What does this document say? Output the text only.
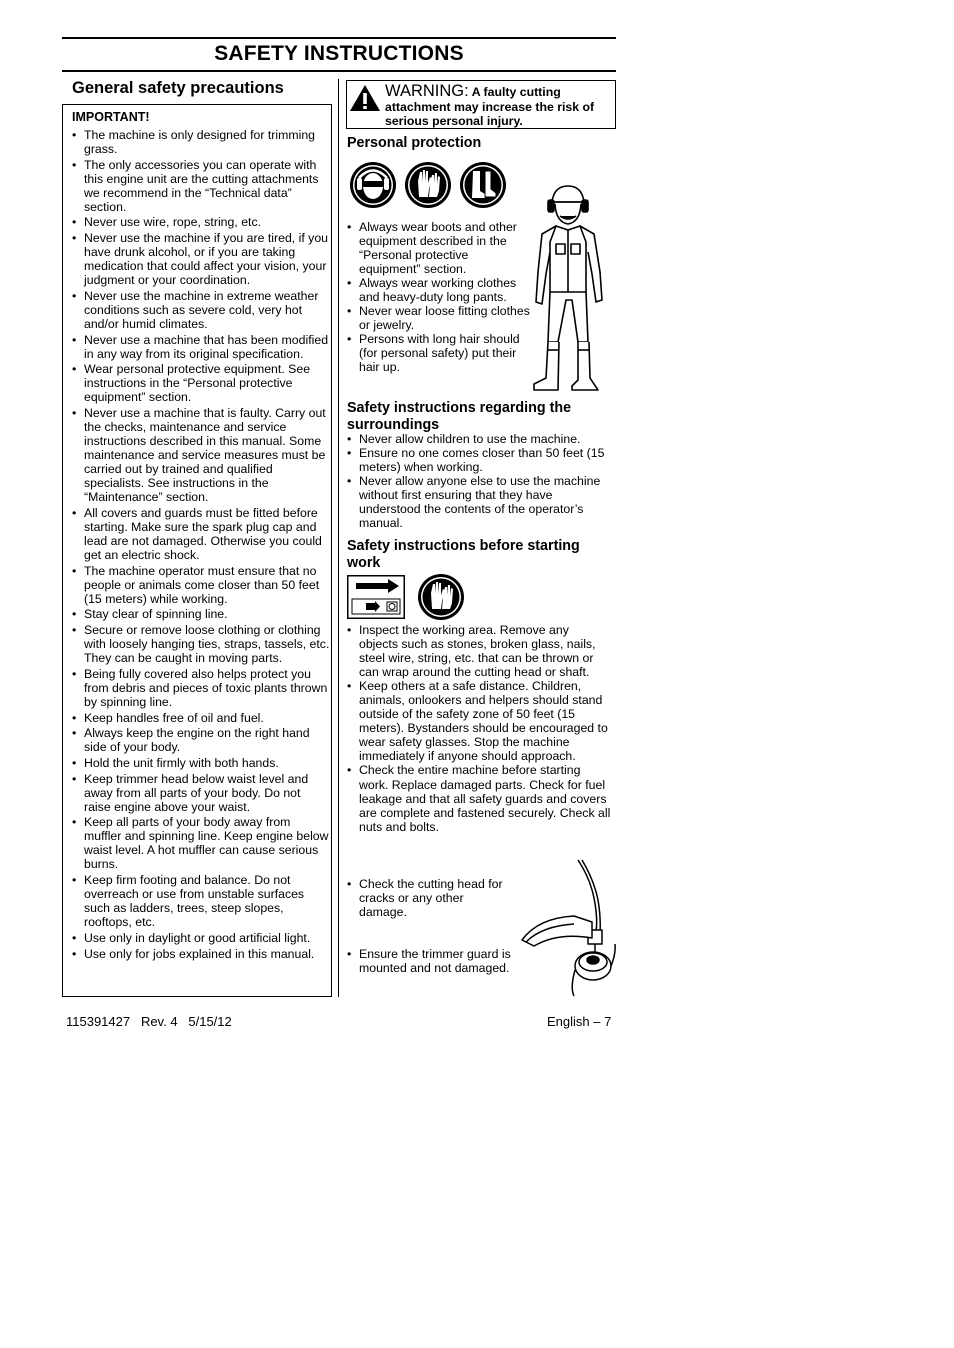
SAFETY INSTRUCTIONS
General safety precautions
IMPORTANT!
• The machine is only designed for trimming grass.
• The only accessories you can operate with this engine unit are the cutting attachments we recommend in the “Technical data” section.
• Never use wire, rope, string, etc.
• Never use the machine if you are tired, if you have drunk alcohol, or if you are taking medication that could affect your vision, your judgment or your coordination.
• Never use the machine in extreme weather conditions such as severe cold, very hot and/or humid climates.
• Never use a machine that has been modified in any way from its original specification.
• Wear personal protective equipment. See instructions in the “Personal protective equipment” section.
• Never use a machine that is faulty. Carry out the checks, maintenance and service instructions described in this manual. Some maintenance and service measures must be carried out by trained and qualified specialists. See instructions in the “Maintenance” section.
• All covers and guards must be fitted before starting. Make sure the spark plug cap and lead are not damaged. Otherwise you could get an electric shock.
• The machine operator must ensure that no people or animals come closer than 50 feet (15 meters) while working.
• Stay clear of spinning line.
• Secure or remove loose clothing or clothing with loosely hanging ties, straps, tassels, etc. They can be caught in moving parts.
• Being fully covered also helps protect you from debris and pieces of toxic plants thrown by spinning line.
• Keep handles free of oil and fuel.
• Always keep the engine on the right hand side of your body.
• Hold the unit firmly with both hands.
• Keep trimmer head below waist level and away from all parts of your body. Do not raise engine above your waist.
• Keep all parts of your body away from muffler and spinning line. Keep engine below waist level. A hot muffler can cause serious burns.
• Keep firm footing and balance. Do not overreach or use from unstable surfaces such as ladders, trees, steep slopes, rooftops, etc.
• Use only in daylight or good artificial light.
• Use only for jobs explained in this manual.
WARNING: A faulty cutting attachment may increase the risk of serious personal injury.
Personal protection
• Always wear boots and other equipment described in the “Personal protective equipment” section.
• Always wear working clothes and heavy‑duty long pants.
• Never wear loose fitting clothes or jewelry.
• Persons with long hair should (for personal safety) put their hair up.
Safety instructions regarding the surroundings
• Never allow children to use the machine.
• Ensure no one comes closer than 50 feet (15 meters) when working.
• Never allow anyone else to use the machine without first ensuring that they have understood the contents of the operator’s manual.
Safety instructions before starting work
• Inspect the working area. Remove any objects such as stones, broken glass, nails, steel wire, string, etc. that can be thrown or can wrap around the cutting head or shaft.
• Keep others at a safe distance. Children, animals, onlookers and helpers should stand outside of the safety zone of 50 feet (15 meters). Bystanders should be encouraged to wear safety glasses. Stop the machine immediately if anyone should approach.
• Check the entire machine before starting work. Replace damaged parts. Check for fuel leakage and that all safety guards and covers are complete and fastened securely. Check all nuts and bolts.
• Check the cutting head for cracks or any other damage.
• Ensure the trimmer guard is mounted and not damaged.
115391427   Rev. 4   5/15/12	English – 7
